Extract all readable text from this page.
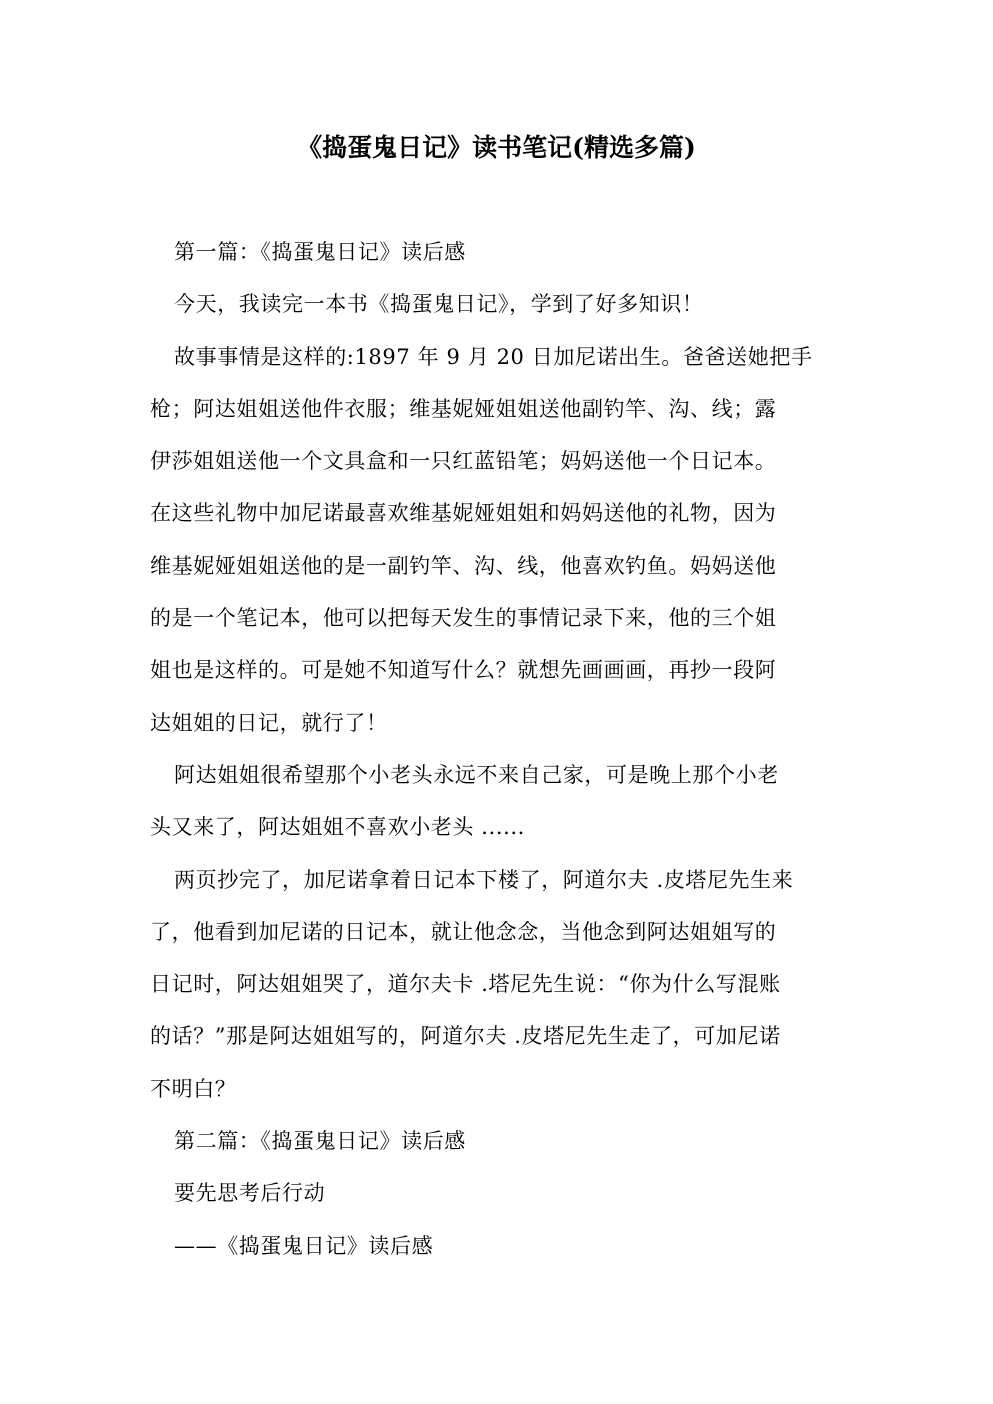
《捣蛋鬼日记》读书笔记(精选多篇)
第一篇：《捣蛋鬼日记》读后感
今天，我读完一本书《捣蛋鬼日记》，学到了好多知识！
故事事情是这样的:1897 年 9 月 20 日加尼诺出生。爸爸送她把手
枪；阿达姐姐送他件衣服；维基妮娅姐姐送他副钓竿、沟、线；露
伊莎姐姐送他一个文具盒和一只红蓝铅笔；妈妈送他一个日记本。
在这些礼物中加尼诺最喜欢维基妮娅姐姐和妈妈送他的礼物，因为
维基妮娅姐姐送他的是一副钓竿、沟、线，他喜欢钓鱼。妈妈送他
的是一个笔记本，他可以把每天发生的事情记录下来，他的三个姐
姐也是这样的。可是她不知道写什么？就想先画画画，再抄一段阿
达姐姐的日记，就行了！
阿达姐姐很希望那个小老头永远不来自己家，可是晚上那个小老
头又来了，阿达姐姐不喜欢小老头 ......
两页抄完了，加尼诺拿着日记本下楼了，阿道尔夫 .皮塔尼先生来
了，他看到加尼诺的日记本，就让他念念，当他念到阿达姐姐写的
日记时，阿达姐姐哭了，道尔夫卡 .塔尼先生说：“你为什么写混账
的话？”那是阿达姐姐写的，阿道尔夫 .皮塔尼先生走了，可加尼诺
不明白？
第二篇：《捣蛋鬼日记》读后感
要先思考后行动
——《捣蛋鬼日记》读后感
